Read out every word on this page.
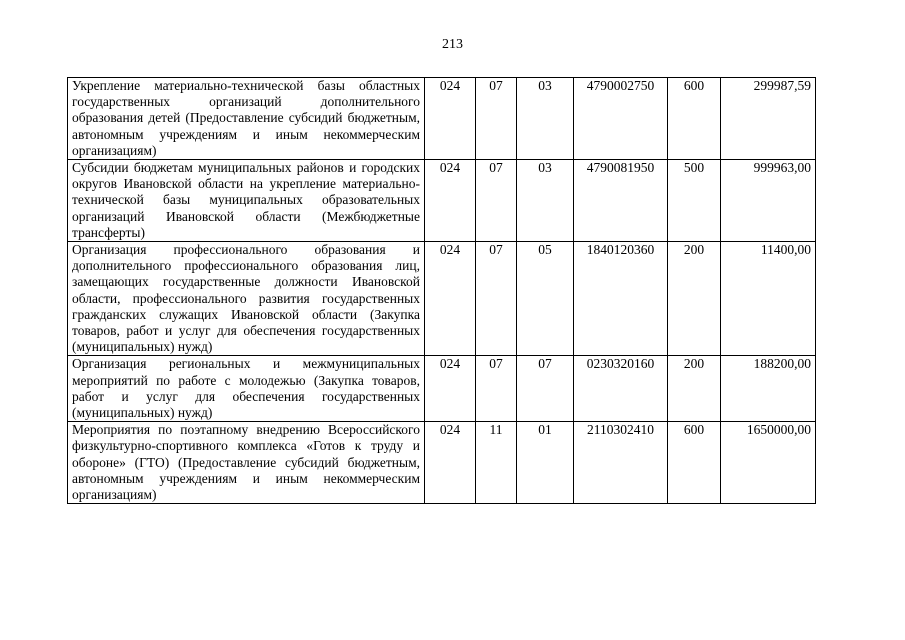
213
Укрепление материально-технической базы областных государственных организаций дополнительного образования детей (Предоставление субсидий бюджетным, автономным учреждениям и иным некоммерческим организациям)	024	07	03	4790002750	600	299987,59
Субсидии бюджетам муниципальных районов и городских округов Ивановской области на укрепление материально-технической базы муниципальных образовательных организаций Ивановской области (Межбюджетные трансферты)	024	07	03	4790081950	500	999963,00
Организация профессионального образования и дополнительного профессионального образования лиц, замещающих государственные должности Ивановской области, профессионального развития государственных гражданских служащих Ивановской области (Закупка товаров, работ и услуг для обеспечения государственных (муниципальных) нужд)	024	07	05	1840120360	200	11400,00
Организация региональных и межмуниципальных мероприятий по работе с молодежью (Закупка товаров, работ и услуг для обеспечения государственных (муниципальных) нужд)	024	07	07	0230320160	200	188200,00
Мероприятия по поэтапному внедрению Всероссийского физкультурно-спортивного комплекса «Готов к труду и обороне» (ГТО) (Предоставление субсидий бюджетным, автономным учреждениям и иным некоммерческим организациям)	024	11	01	2110302410	600	1650000,00
